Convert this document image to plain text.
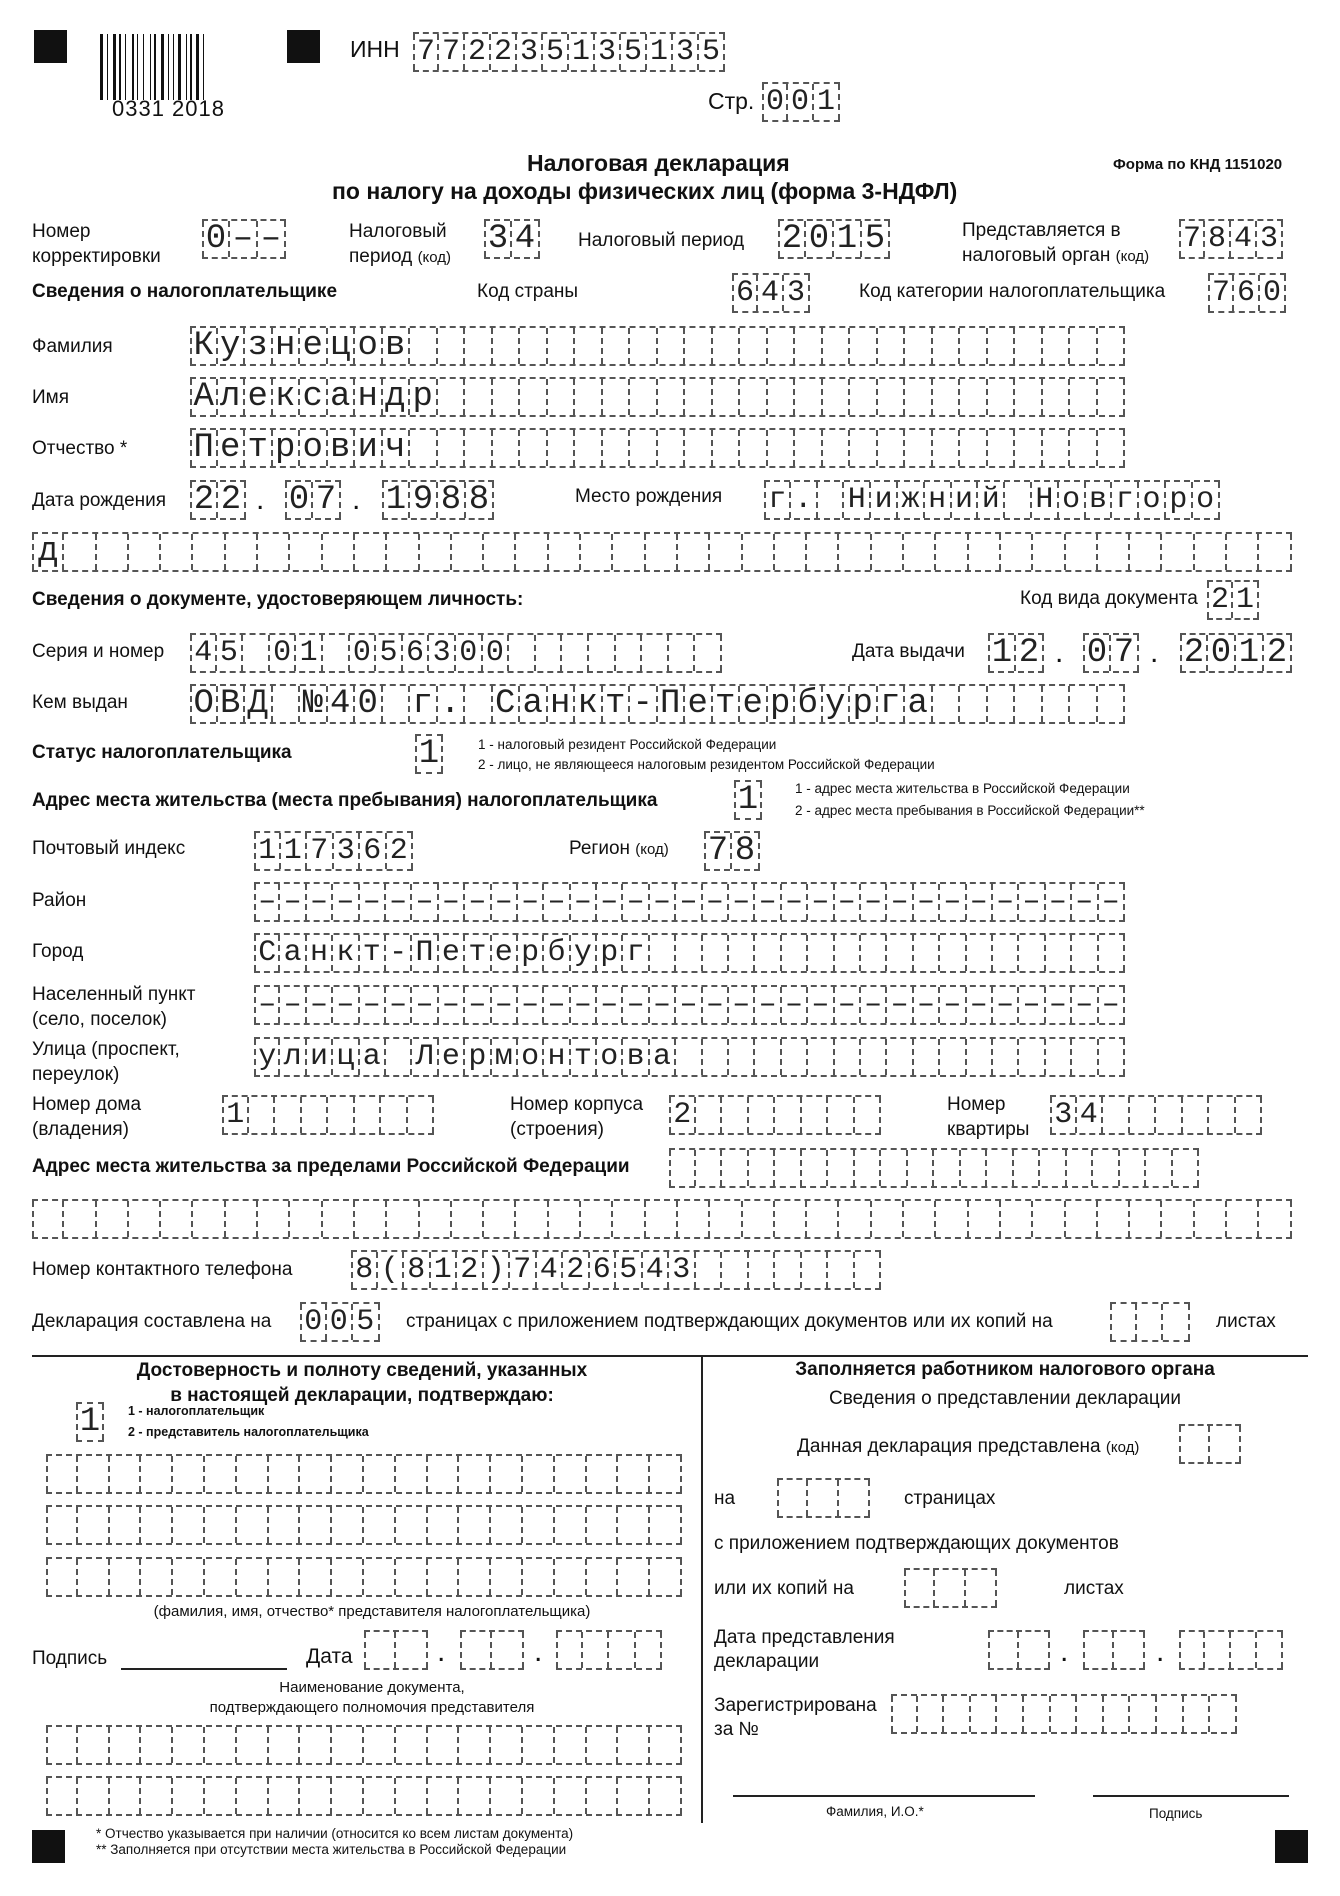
0331 2018
ИНН 7 7 2 2 3 5 1 3 5 1 3 5
Стр. 0 0 1
Налоговая декларация
по налогу на доходы физических лиц (форма 3-НДФЛ)
Форма по КНД 1151020
Номер
корректировки 0 – –	Налоговый
период (код) 3 4 Налоговый период 2 0 1 5	Представляется в
налоговый орган (код)
7 8 4 3
Сведения о налогоплательщике	Код страны	6 4 3	Код категории налогоплательщика 7 6 0
Фамилия К у з н е ц о в
Имя	А л е к с а н д р
Отчество * П е т р о в и ч
Дата рождения 2 2 . 0 7 . 1 9 8 8	Место рождения г . Н и ж н и й Н о в г о р о
д
Сведения о документе, удостоверяющем личность:	Код вида документа 2 1
Серия и номер 4 5 0 1 0 5 6 3 0 0	Дата выдачи 1 2 . 0 7 . 2 0 1 2
Кем выдан О В Д № 4 0 г . С а н к т - П е т е р б у р г а
Статус налогоплательщика	1	1 - налоговый резидент Российской Федерации
2 - лицо, не являющееся налоговым резидентом Российской Федерации
Адрес места жительства (места пребывания) налогоплательщика 1	1 - адрес места жительства в Российской Федерации
2 - адрес места пребывания в Российской Федерации**
Почтовый индекс 1 1 7 3 6 2	Регион (код) 7 8
Район	– – – – – – – – – – – – – – – – – – – – – – – – – – – – – – – – –
Город	С а н к т - П е т е р б у р г
Населенный пункт
(село, поселок)	– – – – – – – – – – – – – – – – – – – – – – – – – – – – – – – – –
Улица (проспект,
переулок)
у л и ц а Л е р м о н т о в а
Номер дома
(владения)	1	Номер корпуса
(строения)	2	Номер
квартиры 3 4
Адрес места жительства за пределами Российской Федерации
Номер контактного телефона 8 ( 8 1 2 ) 7 4 2 6 5 4 3
Декларация составлена на 0 0 5 страницах с приложением подтверждающих документов или их копий на	листах
Достоверность и полноту сведений, указанных
в настоящей декларации, подтверждаю:
1	1 - налогоплательщик
2 - представитель налогоплательщика
(фамилия, имя, отчество* представителя налогоплательщика)
Подпись	Дата	.	.
Наименование документа,
подтверждающего полномочия представителя
Заполняется работником налогового органа
Сведения о представлении декларации
Данная декларация представлена (код)
на	страницах
с приложением подтверждающих документов
или их копий на	листах
Дата представления
декларации	.	.
Зарегистрирована
за №
Фамилия, И.О.*	Подпись
* Отчество указывается при наличии (относится ко всем листам документа)
** Заполняется при отсутствии места жительства в Российской Федерации
